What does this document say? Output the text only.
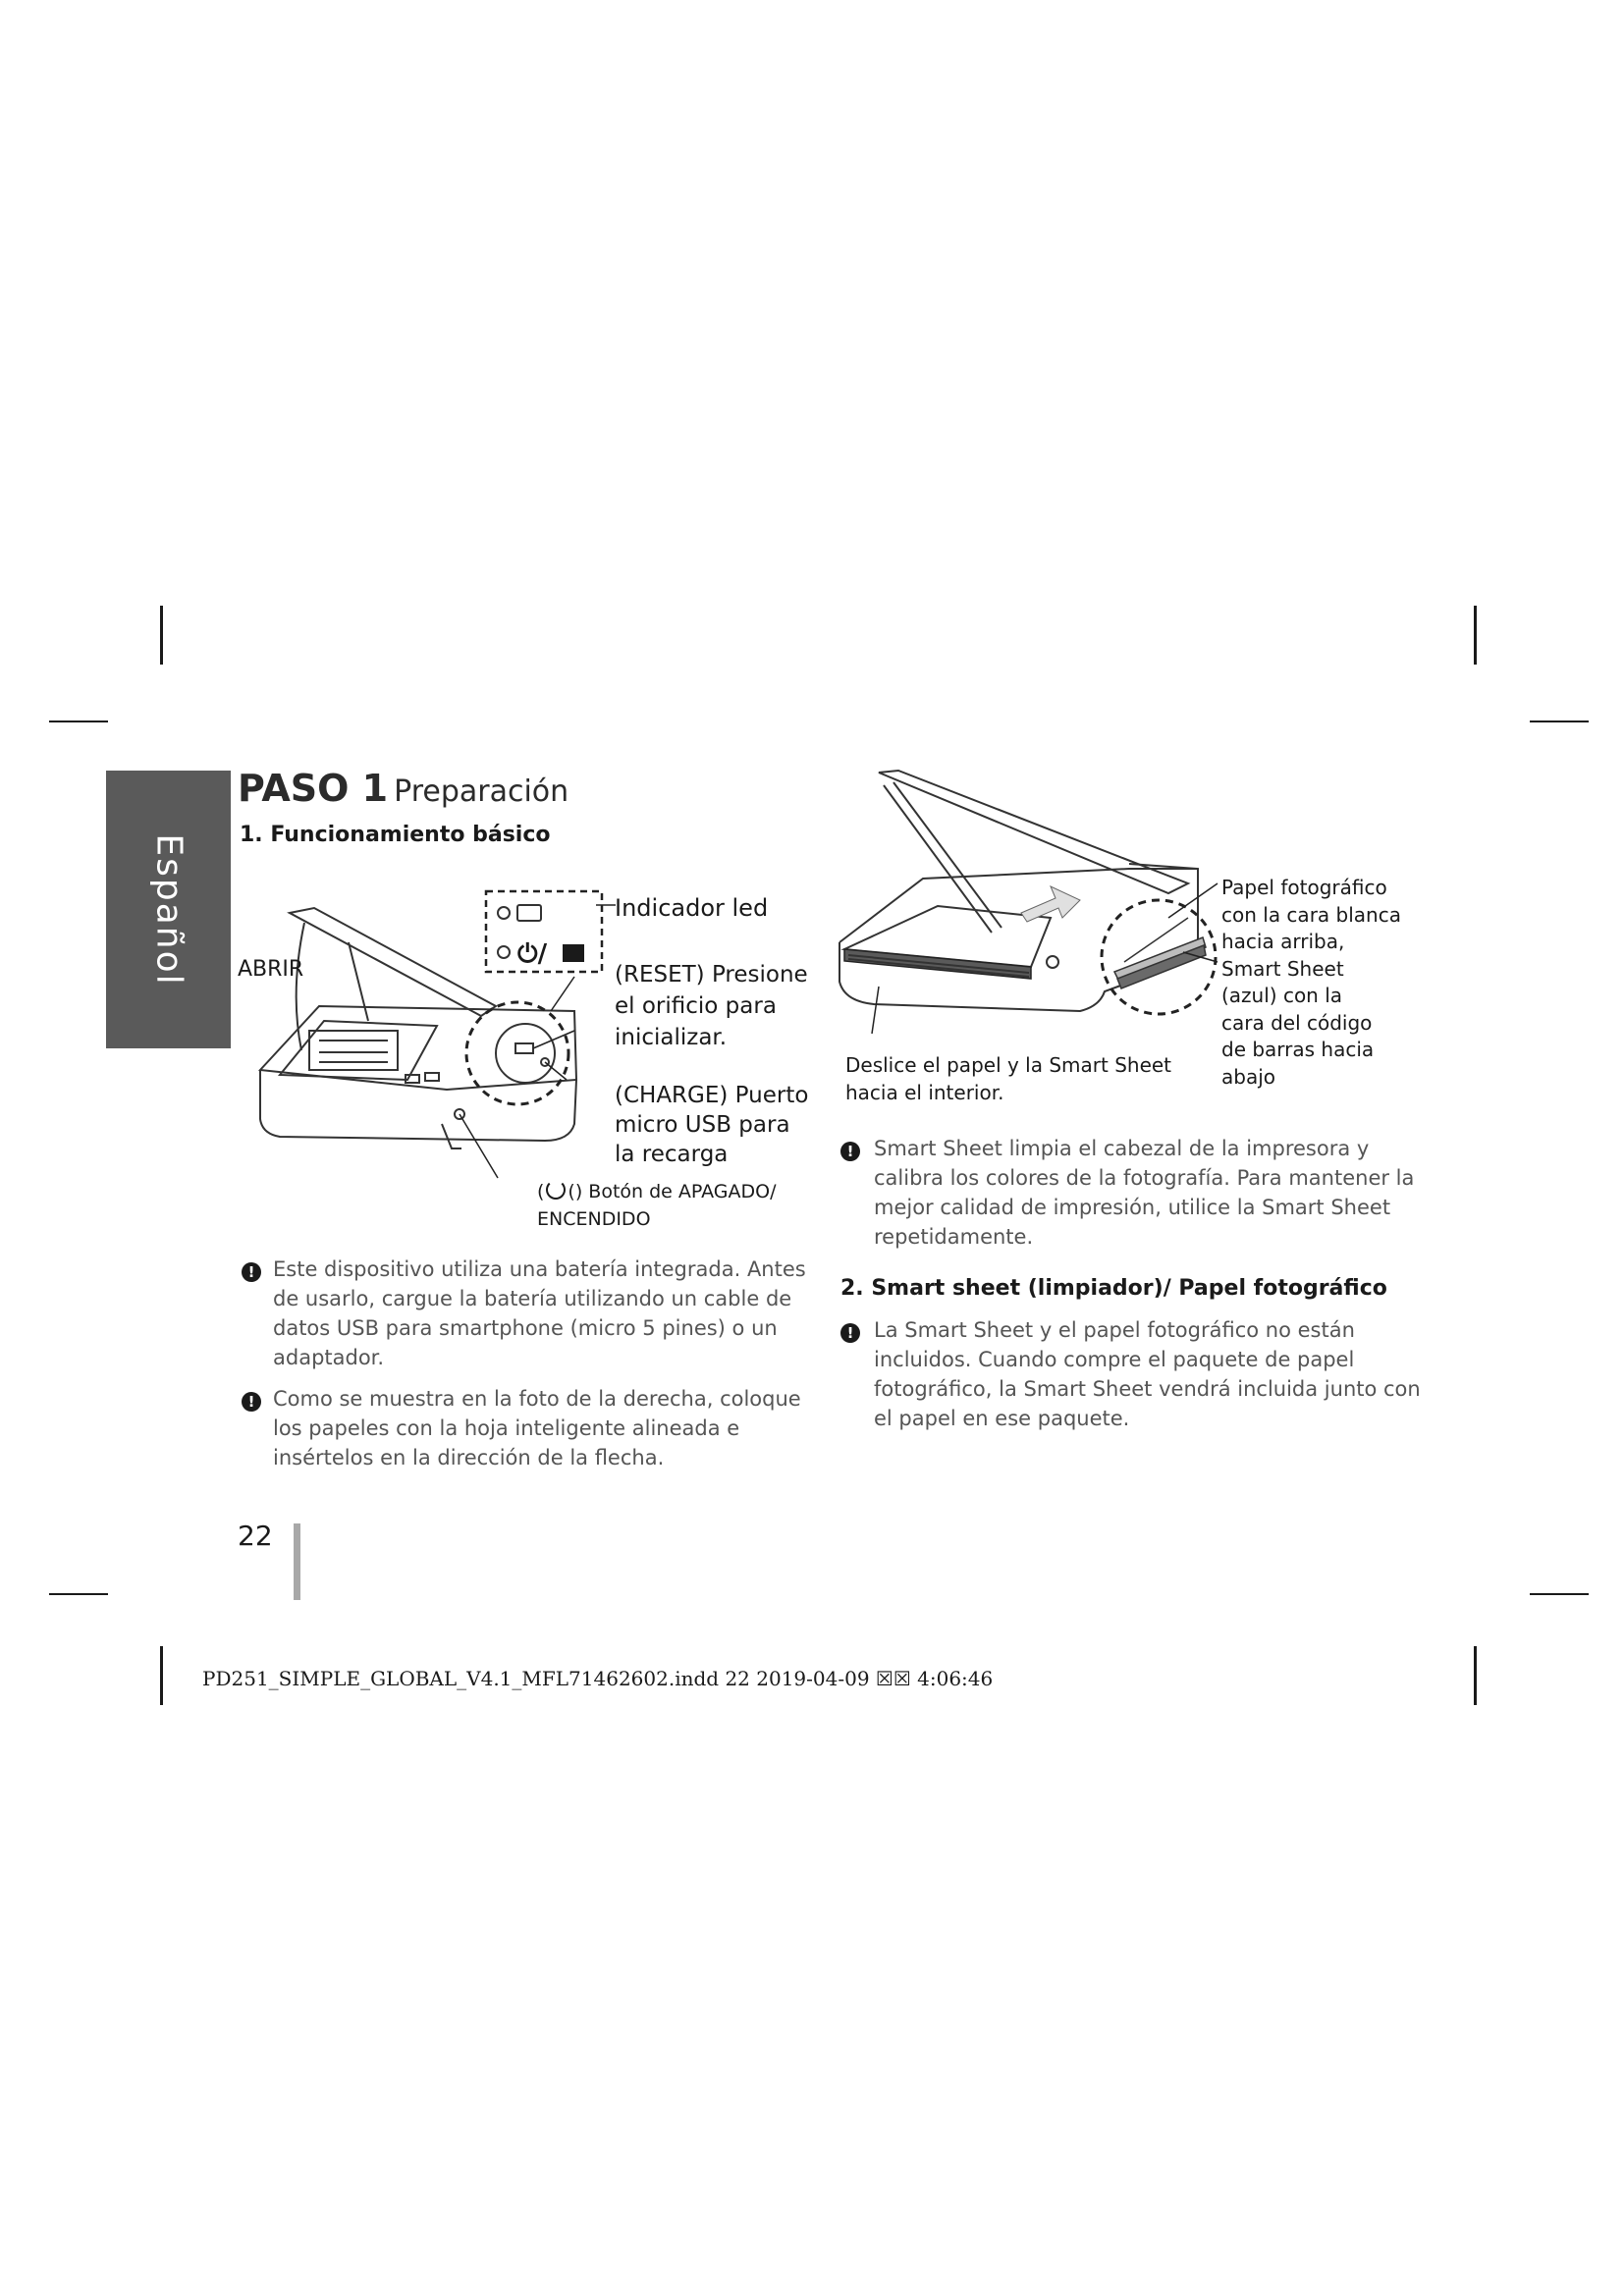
Español
PASO 1 Preparación
1. Funcionamiento básico
⏻/
ABRIR
Indicador led
(RESET) Presione
el orificio para
inicializar.
(CHARGE) Puerto
micro USB para
la recarga
( () Botón de APAGADO/
ENCENDIDO
! Este dispositivo utiliza una batería integrada. Antes
de usarlo, cargue la batería utilizando un cable de
datos USB para smartphone (micro 5 pines) o un
adaptador.
! Como se muestra en la foto de la derecha, coloque
los papeles con la hoja inteligente alineada e
insértelos en la dirección de la flecha.
Papel fotográfico
con la cara blanca
hacia arriba,
Smart Sheet
(azul) con la
cara del código
de barras hacia
abajo
Deslice el papel y la Smart Sheet
hacia el interior.
! Smart Sheet limpia el cabezal de la impresora y
calibra los colores de la fotografía. Para mantener la
mejor calidad de impresión, utilice la Smart Sheet
repetidamente.
2. Smart sheet (limpiador)/ Papel fotográfico
! La Smart Sheet y el papel fotográfico no están
incluidos. Cuando compre el paquete de papel
fotográfico, la Smart Sheet vendrá incluida junto con
el papel en ese paquete.
22
PD251_SIMPLE_GLOBAL_V4.1_MFL71462602.indd 22 2019-04-09 ☒☒ 4:06:46
